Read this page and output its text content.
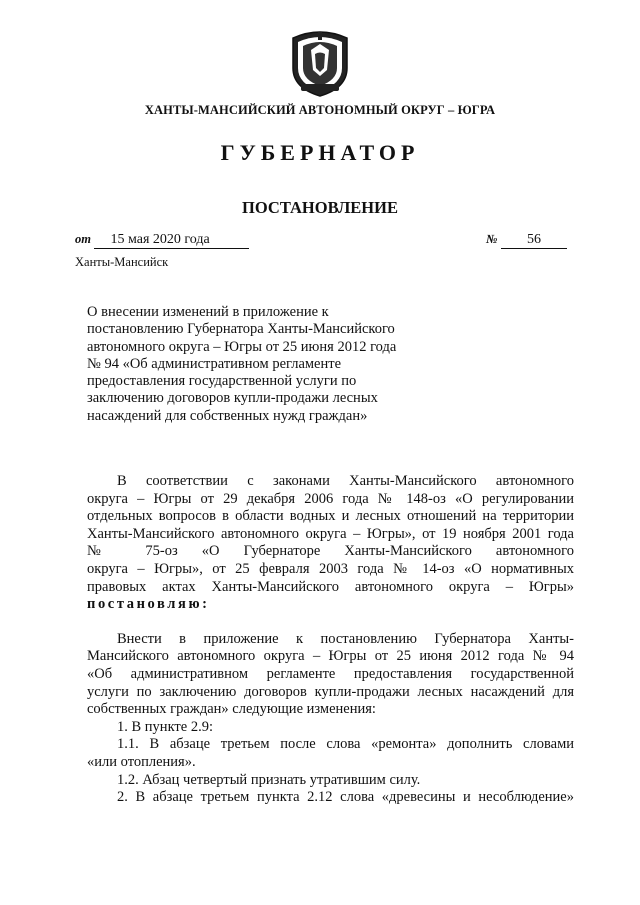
ХАНТЫ-МАНСИЙСКИЙ АВТОНОМНЫЙ ОКРУГ – ЮГРА
ГУБЕРНАТОР
ПОСТАНОВЛЕНИЕ
от 15 мая 2020 года	№ 56
Ханты-Мансийск
О внесении изменений в приложение к постановлению Губернатора Ханты-Мансийского автономного округа – Югры от 25 июня 2012 года № 94 «Об административном регламенте предоставления государственной услуги по заключению договоров купли-продажи лесных насаждений для собственных нужд граждан»

В соответствии с законами Ханты-Мансийского автономного

округа – Югры от 29 декабря 2006 года № 148-оз «О регулировании

отдельных вопросов в области водных и лесных отношений на территории

Ханты-Мансийского автономного округа – Югры», от 19 ноября 2001 года

№ 75-оз «О Губернаторе Ханты-Мансийского автономного

округа – Югры», от 25 февраля 2003 года № 14-оз «О нормативных

правовых актах Ханты-Мансийского автономного округа – Югры»

постановляю:

Внести в приложение к постановлению Губернатора Ханты-

Мансийского автономного округа – Югры от 25 июня 2012 года № 94

«Об административном регламенте предоставления государственной

услуги по заключению договоров купли-продажи лесных насаждений для

собственных граждан» следующие изменения:

1. В пункте 2.9:

1.1. В абзаце третьем после слова «ремонта» дополнить словами

«или отопления».

1.2. Абзац четвертый признать утратившим силу.

2. В абзаце третьем пункта 2.12 слова «древесины и несоблюдение»
